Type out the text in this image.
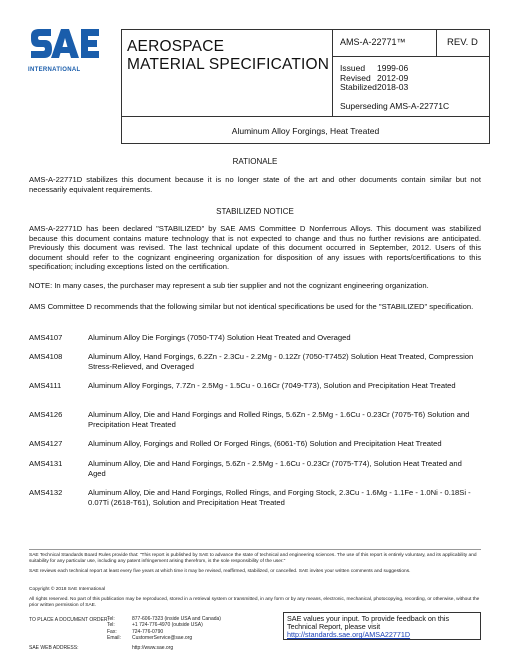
INTERNATIONAL
AEROSPACE
MATERIAL SPECIFICATION
AMS-A-22771™	REV. D
Issued	1999-06
Revised 2012-09
Stabilized 2018-03
Superseding AMS-A-22771C
Aluminum Alloy Forgings, Heat Treated
RATIONALE
AMS-A-22771D stabilizes this document because it is no longer state of the art and other documents contain similar but not necessarily equivalent requirements.
STABILIZED NOTICE
AMS-A-22771D has been declared "STABILIZED" by SAE AMS Committee D Nonferrous Alloys. This document was stabilized because this document contains mature technology that is not expected to change and thus no further revisions are anticipated. Previously this document was revised. The last technical update of this document occurred in September, 2012. Users of this document should refer to the cognizant engineering organization for disposition of any issues with reports/certifications to this specification; including exceptions listed on the certification.
NOTE: In many cases, the purchaser may represent a sub tier supplier and not the cognizant engineering organization.
AMS Committee D recommends that the following similar but not identical specifications be used for the "STABILIZED" specification.
AMS4107	Aluminum Alloy Die Forgings (7050-T74) Solution Heat Treated and Overaged
AMS4108	Aluminum Alloy, Hand Forgings, 6.2Zn - 2.3Cu - 2.2Mg - 0.12Zr (7050-T7452) Solution Heat Treated, Compression Stress-Relieved, and Overaged
AMS4111	Aluminum Alloy Forgings, 7.7Zn - 2.5Mg - 1.5Cu - 0.16Cr (7049-T73), Solution and Precipitation Heat Treated
AMS4126	Aluminum Alloy, Die and Hand Forgings and Rolled Rings, 5.6Zn - 2.5Mg - 1.6Cu - 0.23Cr (7075-T6) Solution and Precipitation Heat Treated
AMS4127	Aluminum Alloy, Forgings and Rolled Or Forged Rings, (6061-T6) Solution and Precipitation Heat Treated
AMS4131	Aluminum Alloy, Die and Hand Forgings, 5.6Zn - 2.5Mg - 1.6Cu - 0.23Cr (7075-T74), Solution Heat Treated and Aged
AMS4132	Aluminum Alloy, Die and Hand Forgings, Rolled Rings, and Forging Stock, 2.3Cu - 1.6Mg - 1.1Fe - 1.0Ni - 0.18Si - 0.07Ti (2618-T61), Solution and Precipitation Heat Treated
SAE Technical Standards Board Rules provide that: "This report is published by SAE to advance the state of technical and engineering sciences. The use of this report is entirely voluntary, and its applicability and suitability for any particular use, including any patent infringement arising therefrom, is the sole responsibility of the user."
SAE reviews each technical report at least every five years at which time it may be revised, reaffirmed, stabilized, or cancelled. SAE invites your written comments and suggestions.
Copyright © 2018 SAE International
All rights reserved. No part of this publication may be reproduced, stored in a retrieval system or transmitted, in any form or by any means, electronic, mechanical, photocopying, recording, or otherwise, without the prior written permission of SAE.
TO PLACE A DOCUMENT ORDER:
Tel:	877-606-7323 (inside USA and Canada)
Tel:	+1 724-776-4970 (outside USA)
Fax:	724-776-0790
Email:	CustomerService@sae.org
SAE WEB ADDRESS:	http://www.sae.org
SAE values your input. To provide feedback on this Technical Report, please visit
http://standards.sae.org/AMSA22771D
